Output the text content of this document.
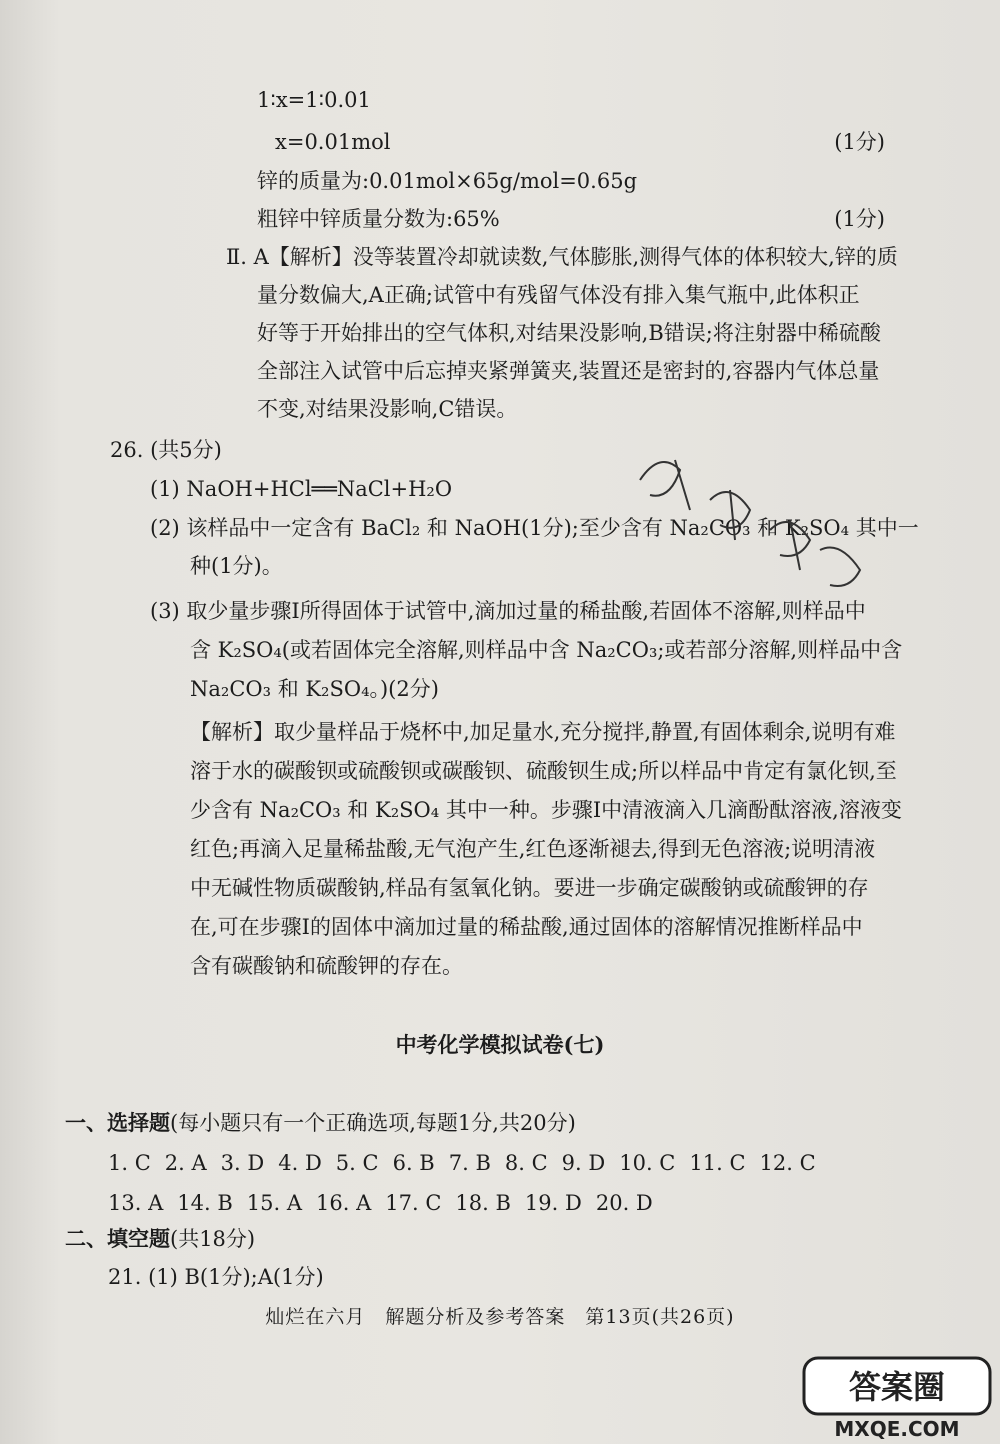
1∶x=1∶0.01
x=0.01mol	(1分)
锌的质量为:0.01mol×65g/mol=0.65g
粗锌中锌质量分数为:65%	(1分)
Ⅱ. A【解析】没等装置冷却就读数,气体膨胀,测得气体的体积较大,锌的质
量分数偏大,A正确;试管中有残留气体没有排入集气瓶中,此体积正
好等于开始排出的空气体积,对结果没影响,B错误;将注射器中稀硫酸
全部注入试管中后忘掉夹紧弹簧夹,装置还是密封的,容器内气体总量
不变,对结果没影响,C错误。
26. (共5分)
(1) NaOH+HCl══NaCl+H₂O
(2) 该样品中一定含有 BaCl₂ 和 NaOH(1分);至少含有 Na₂CO₃ 和 K₂SO₄ 其中一
种(1分)。
(3) 取少量步骤Ⅰ所得固体于试管中,滴加过量的稀盐酸,若固体不溶解,则样品中
含 K₂SO₄(或若固体完全溶解,则样品中含 Na₂CO₃;或若部分溶解,则样品中含
Na₂CO₃ 和 K₂SO₄。)(2分)
【解析】取少量样品于烧杯中,加足量水,充分搅拌,静置,有固体剩余,说明有难
溶于水的碳酸钡或硫酸钡或碳酸钡、硫酸钡生成;所以样品中肯定有氯化钡,至
少含有 Na₂CO₃ 和 K₂SO₄ 其中一种。步骤Ⅰ中清液滴入几滴酚酞溶液,溶液变
红色;再滴入足量稀盐酸,无气泡产生,红色逐渐褪去,得到无色溶液;说明清液
中无碱性物质碳酸钠,样品有氢氧化钠。要进一步确定碳酸钠或硫酸钾的存
在,可在步骤Ⅰ的固体中滴加过量的稀盐酸,通过固体的溶解情况推断样品中
含有碳酸钠和硫酸钾的存在。
中考化学模拟试卷(七)
一、选择题(每小题只有一个正确选项,每题1分,共20分)
1. C 2. A 3. D 4. D 5. C 6. B 7. B 8. C 9. D 10. C 11. C 12. C
13. A 14. B 15. A 16. A 17. C 18. B 19. D 20. D
二、填空题(共18分)
21. (1) B(1分);A(1分)
灿烂在六月　解题分析及参考答案　第13页(共26页)
答案圈
MXQE.COM
